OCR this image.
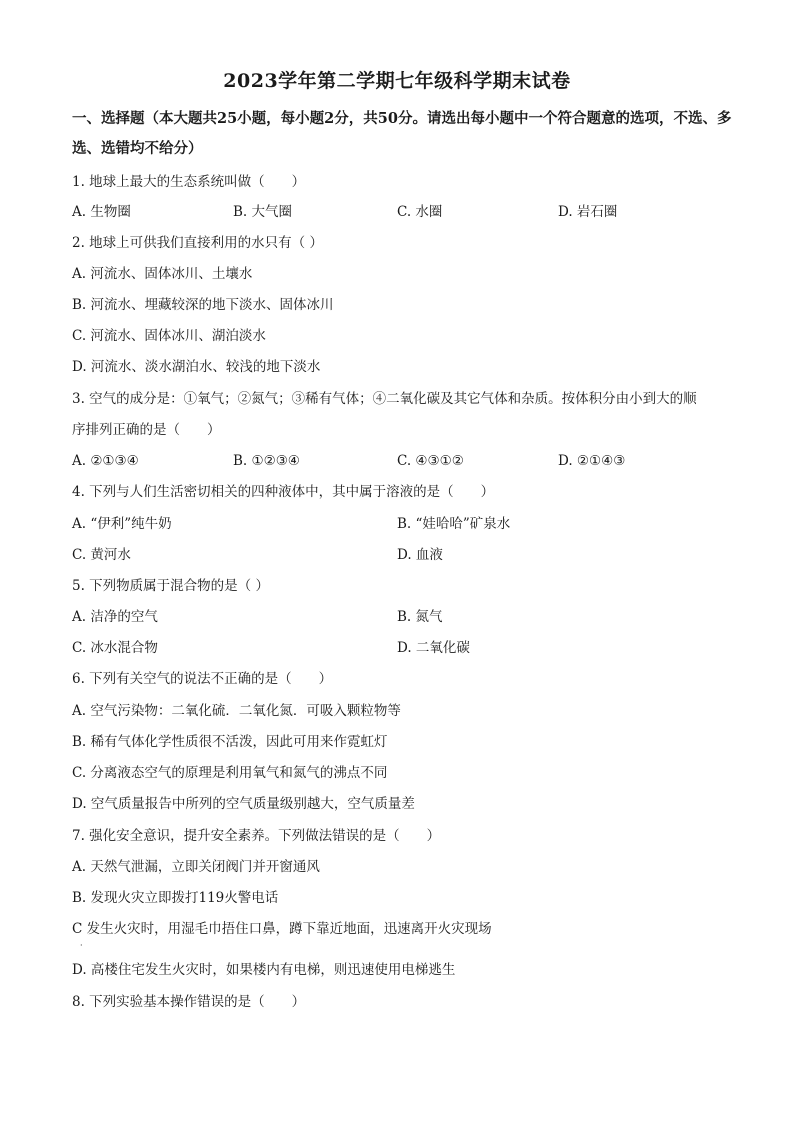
2023学年第二学期七年级科学期末试卷
一、选择题（本大题共25小题，每小题2分，共50分。请选出每小题中一个符合题意的选项，不选、多选、选错均不给分）
1. 地球上最大的生态系统叫做（　　）
A. 生物圈	B. 大气圈	C. 水圈	D. 岩石圈
2. 地球上可供我们直接利用的水只有（ ）
A. 河流水、固体冰川、土壤水
B. 河流水、埋藏较深的地下淡水、固体冰川
C. 河流水、固体冰川、湖泊淡水
D. 河流水、淡水湖泊水、较浅的地下淡水
3. 空气的成分是：①氧气；②氮气；③稀有气体；④二氧化碳及其它气体和杂质。按体积分由小到大的顺
序排列正确的是（　　）
A. ②①③④	B. ①②③④	C. ④③①②	D. ②①④③
4. 下列与人们生活密切相关的四种液体中，其中属于溶液的是（　　）
A. “伊利”纯牛奶	B. “娃哈哈”矿泉水
C. 黄河水	D. 血液
5. 下列物质属于混合物的是（ ）
A. 洁净的空气	B. 氮气
C. 冰水混合物	D. 二氧化碳
6. 下列有关空气的说法不正确的是（　　）
A. 空气污染物：二氧化硫．二氧化氮．可吸入颗粒物等
B. 稀有气体化学性质很不活泼，因此可用来作霓虹灯
C. 分离液态空气的原理是利用氧气和氮气的沸点不同
D. 空气质量报告中所列的空气质量级别越大，空气质量差
7. 强化安全意识，提升安全素养。下列做法错误的是（　　）
A. 天然气泄漏，立即关闭阀门并开窗通风
B. 发现火灾立即拨打119火警电话
C 发生火灾时，用湿毛巾捂住口鼻，蹲下靠近地面，迅速离开火灾现场
·
D. 高楼住宅发生火灾时，如果楼内有电梯，则迅速使用电梯逃生
8. 下列实验基本操作错误的是（　　）
